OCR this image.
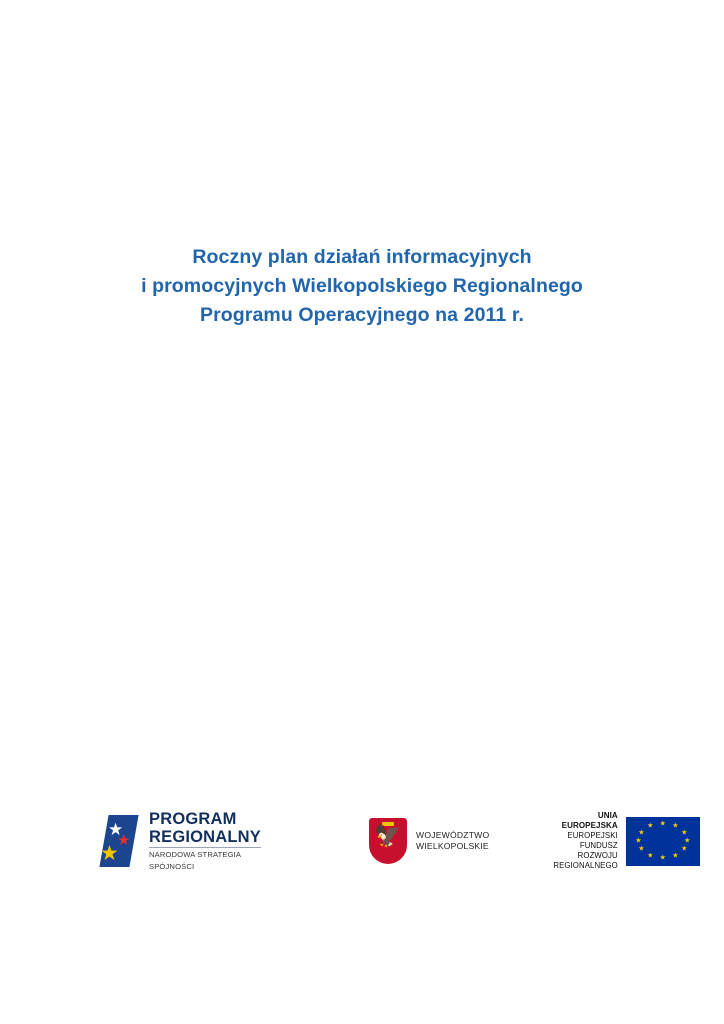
Roczny plan działań informacyjnych
i promocyjnych Wielkopolskiego Regionalnego
Programu Operacyjnego na 2011 r.
★
★
★
PROGRAM
REGIONALNY
NARODOWA STRATEGIA SPÓJNOŚCI
🦅 WOJEWÓDZTWO
WIELKOPOLSKIE
UNIA EUROPEJSKA
EUROPEJSKI FUNDUSZ
ROZWOJU REGIONALNEGO
★ ★
★
★
★
★
★
★
★
★
★
★
